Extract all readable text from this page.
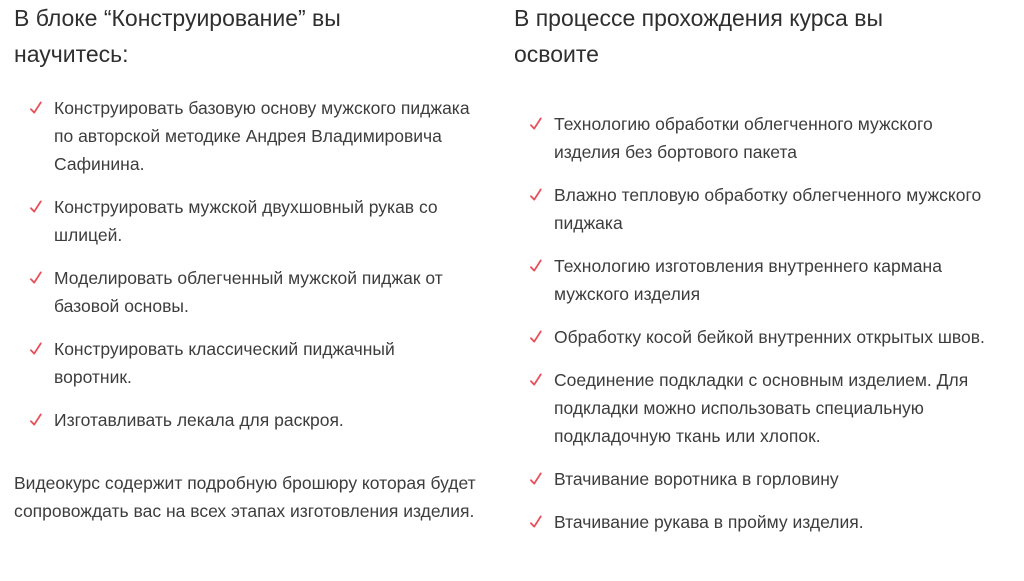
В блоке “Конструирование” вы
научитесь:
Конструировать базовую основу мужского пиджака по авторской методике Андрея Владимировича Сафинина.
Конструировать мужской двухшовный рукав со шлицей.
Моделировать облегченный мужской пиджак от базовой основы.
Конструировать классический пиджачный воротник.
Изготавливать лекала для раскроя.

Видеокурс содержит подробную брошюру которая будет сопровождать вас на всех этапах изготовления изделия.

В процессе прохождения курса вы
освоите
Технологию обработки облегченного мужского изделия без бортового пакета
Влажно тепловую обработку облегченного мужского пиджака
Технологию изготовления внутреннего кармана мужского изделия
Обработку косой бейкой внутренних открытых швов.
Соединение подкладки с основным изделием. Для подкладки можно использовать специальную подкладочную ткань или хлопок.
Втачивание воротника в горловину
Втачивание рукава в пройму изделия.
